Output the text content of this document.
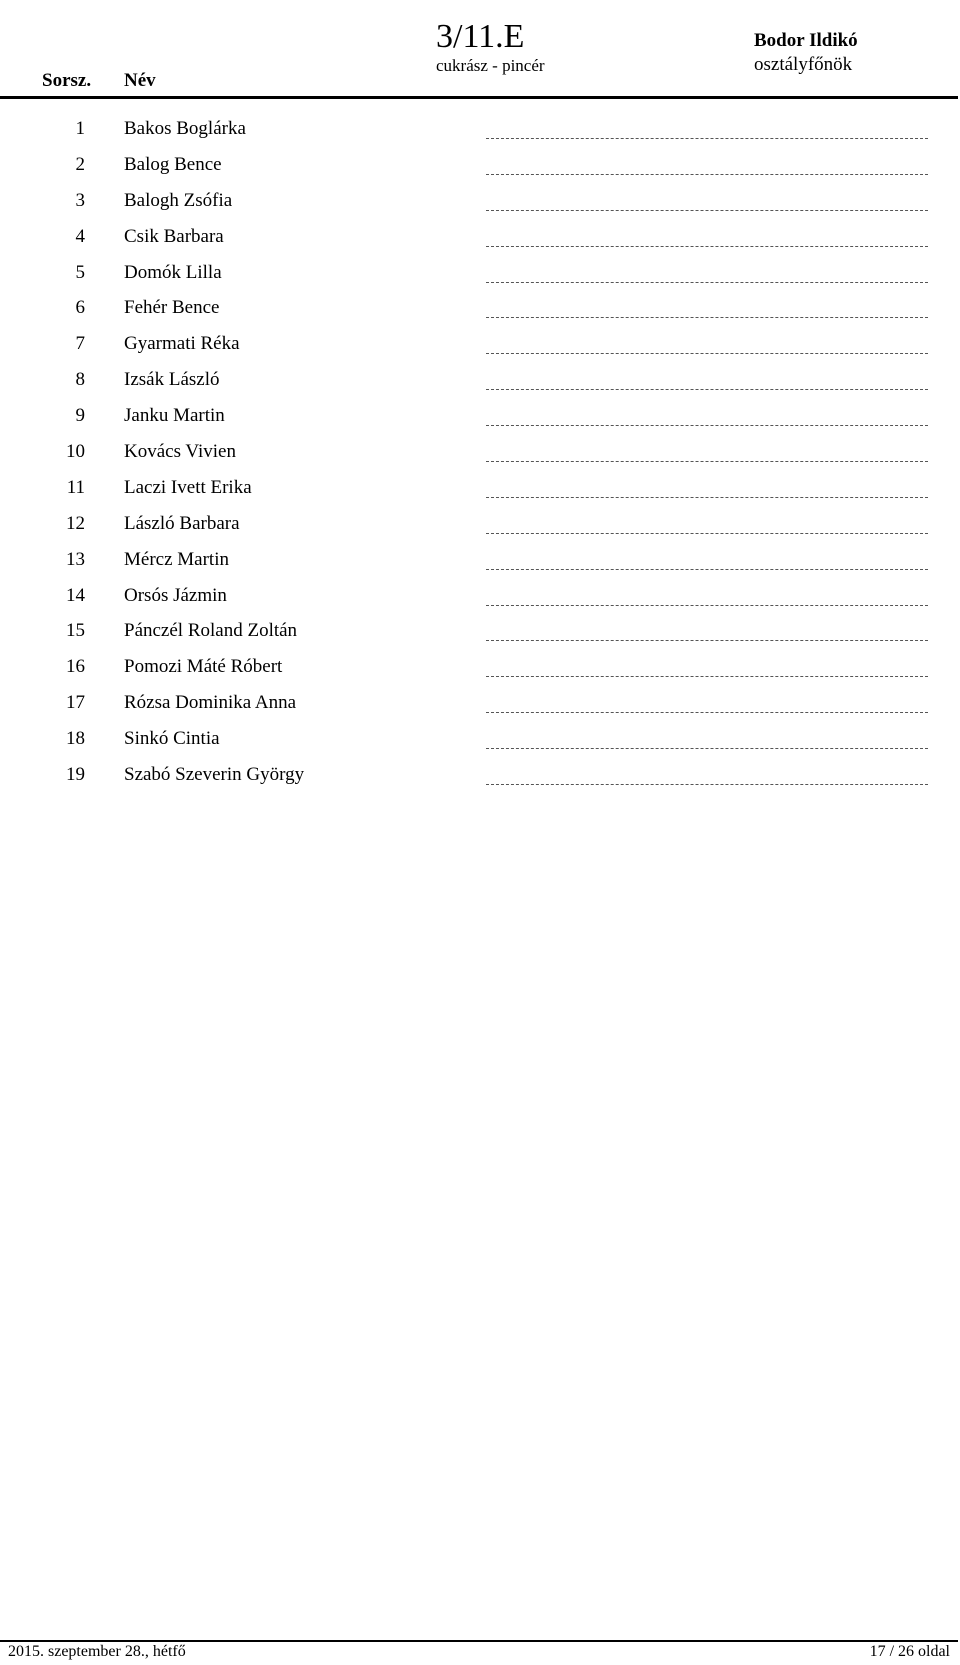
Sorsz. Név
3/11.E
cukrász - pincér
Bodor Ildikó
osztályfőnök
1 Bakos Boglárka
2 Balog Bence
3 Balogh Zsófia
4 Csik Barbara
5 Domók Lilla
6 Fehér Bence
7 Gyarmati Réka
8 Izsák László
9 Janku Martin
10 Kovács Vivien
11 Laczi Ivett Erika
12 László Barbara
13 Mércz Martin
14 Orsós Jázmin
15 Pánczél Roland Zoltán
16 Pomozi Máté Róbert
17 Rózsa Dominika Anna
18 Sinkó Cintia
19 Szabó Szeverin György
2015. szeptember 28., hétfő	17 / 26 oldal
